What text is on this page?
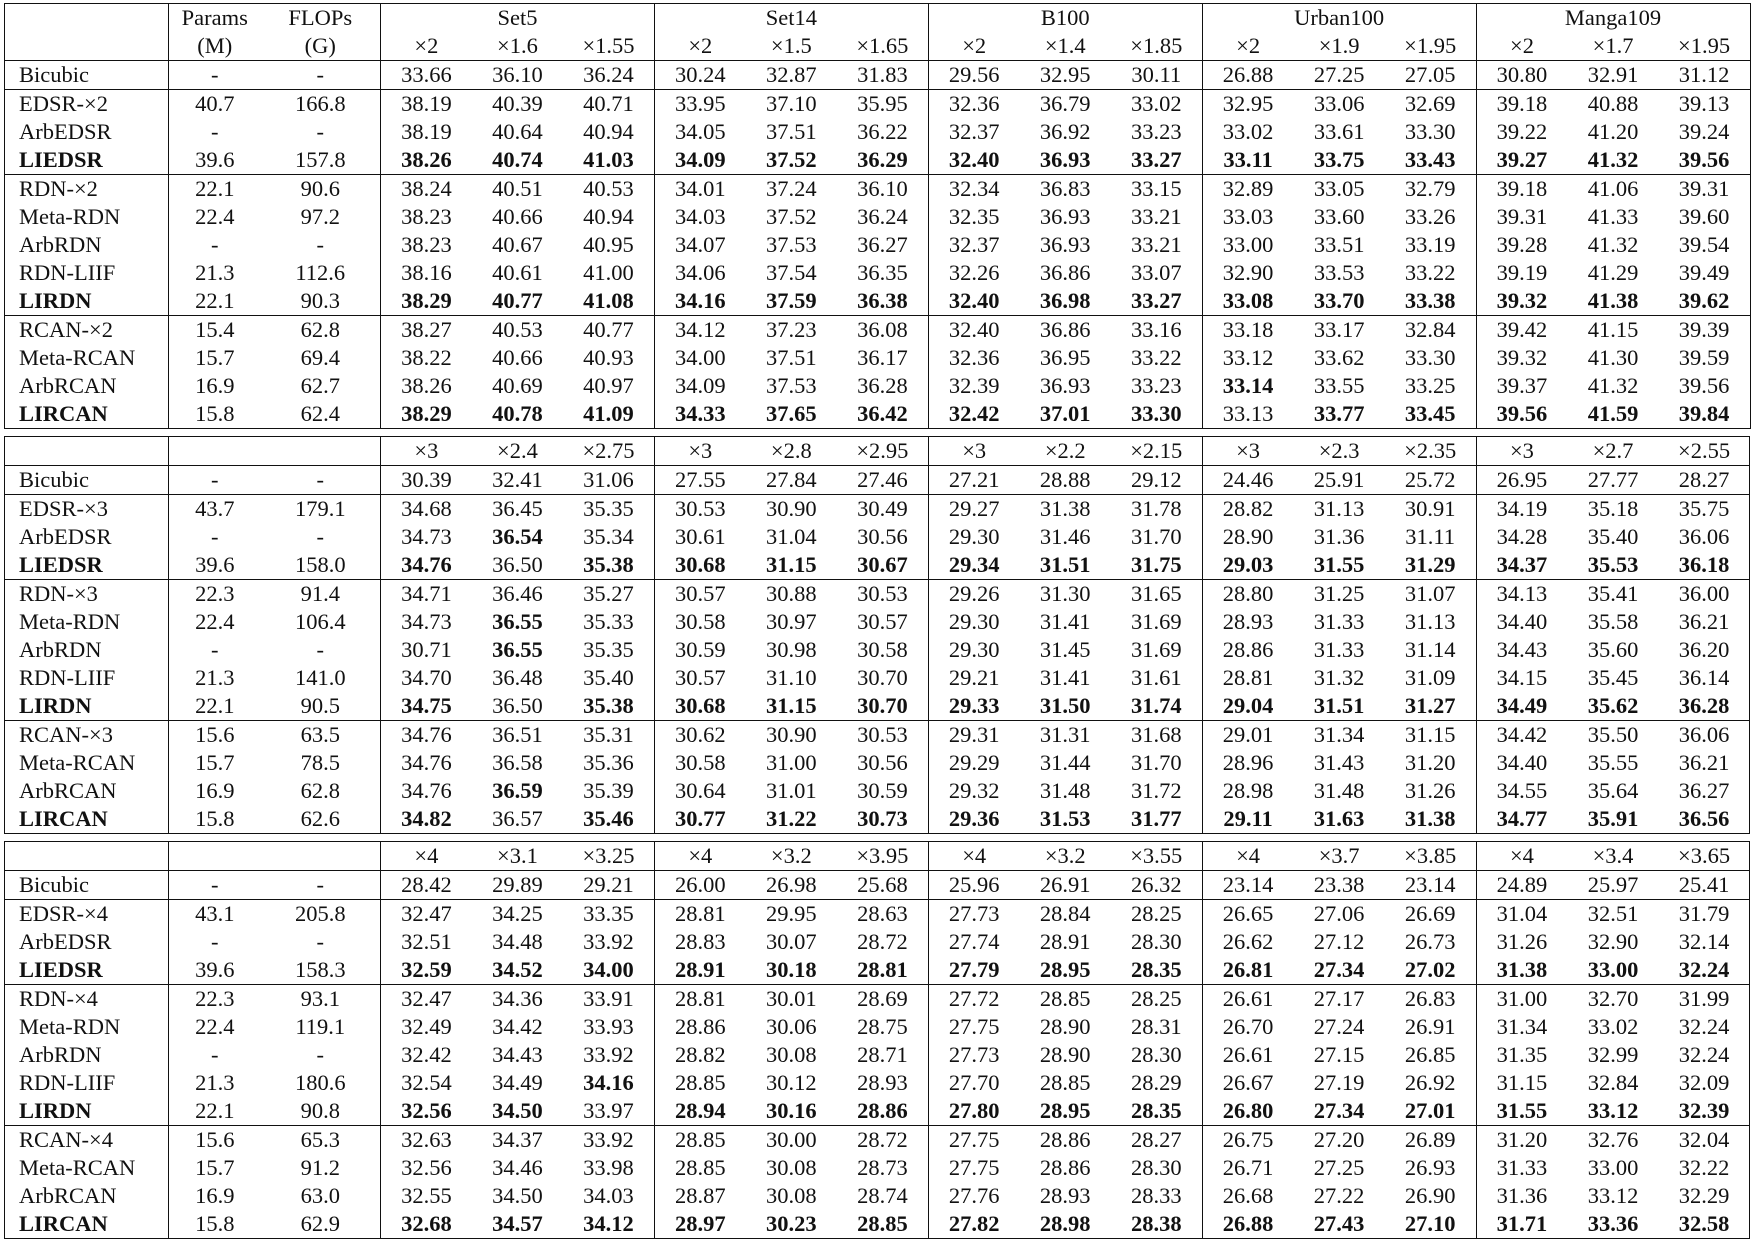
	Params	FLOPs	Set5			Set14			B100			Urban100			Manga109		
	(M)	(G)	×2	×1.6	×1.55	×2	×1.5	×1.65	×2	×1.4	×1.85	×2	×1.9	×1.95	×2	×1.7	×1.95
Bicubic	-	-	33.66	36.10	36.24	30.24	32.87	31.83	29.56	32.95	30.11	26.88	27.25	27.05	30.80	32.91	31.12
EDSR-×2	40.7	166.8	38.19	40.39	40.71	33.95	37.10	35.95	32.36	36.79	33.02	32.95	33.06	32.69	39.18	40.88	39.13
ArbEDSR	-	-	38.19	40.64	40.94	34.05	37.51	36.22	32.37	36.92	33.23	33.02	33.61	33.30	39.22	41.20	39.24
LIEDSR	39.6	157.8	38.26	40.74	41.03	34.09	37.52	36.29	32.40	36.93	33.27	33.11	33.75	33.43	39.27	41.32	39.56
RDN-×2	22.1	90.6	38.24	40.51	40.53	34.01	37.24	36.10	32.34	36.83	33.15	32.89	33.05	32.79	39.18	41.06	39.31
Meta-RDN	22.4	97.2	38.23	40.66	40.94	34.03	37.52	36.24	32.35	36.93	33.21	33.03	33.60	33.26	39.31	41.33	39.60
ArbRDN	-	-	38.23	40.67	40.95	34.07	37.53	36.27	32.37	36.93	33.21	33.00	33.51	33.19	39.28	41.32	39.54
RDN-LIIF	21.3	112.6	38.16	40.61	41.00	34.06	37.54	36.35	32.26	36.86	33.07	32.90	33.53	33.22	39.19	41.29	39.49
LIRDN	22.1	90.3	38.29	40.77	41.08	34.16	37.59	36.38	32.40	36.98	33.27	33.08	33.70	33.38	39.32	41.38	39.62
RCAN-×2	15.4	62.8	38.27	40.53	40.77	34.12	37.23	36.08	32.40	36.86	33.16	33.18	33.17	32.84	39.42	41.15	39.39
Meta-RCAN	15.7	69.4	38.22	40.66	40.93	34.00	37.51	36.17	32.36	36.95	33.22	33.12	33.62	33.30	39.32	41.30	39.59
ArbRCAN	16.9	62.7	38.26	40.69	40.97	34.09	37.53	36.28	32.39	36.93	33.23	33.14	33.55	33.25	39.37	41.32	39.56
LIRCAN	15.8	62.4	38.29	40.78	41.09	34.33	37.65	36.42	32.42	37.01	33.30	33.13	33.77	33.45	39.56	41.59	39.84
			×3	×2.4	×2.75	×3	×2.8	×2.95	×3	×2.2	×2.15	×3	×2.3	×2.35	×3	×2.7	×2.55
Bicubic	-	-	30.39	32.41	31.06	27.55	27.84	27.46	27.21	28.88	29.12	24.46	25.91	25.72	26.95	27.77	28.27
EDSR-×3	43.7	179.1	34.68	36.45	35.35	30.53	30.90	30.49	29.27	31.38	31.78	28.82	31.13	30.91	34.19	35.18	35.75
ArbEDSR	-	-	34.73	36.54	35.34	30.61	31.04	30.56	29.30	31.46	31.70	28.90	31.36	31.11	34.28	35.40	36.06
LIEDSR	39.6	158.0	34.76	36.50	35.38	30.68	31.15	30.67	29.34	31.51	31.75	29.03	31.55	31.29	34.37	35.53	36.18
RDN-×3	22.3	91.4	34.71	36.46	35.27	30.57	30.88	30.53	29.26	31.30	31.65	28.80	31.25	31.07	34.13	35.41	36.00
Meta-RDN	22.4	106.4	34.73	36.55	35.33	30.58	30.97	30.57	29.30	31.41	31.69	28.93	31.33	31.13	34.40	35.58	36.21
ArbRDN	-	-	30.71	36.55	35.35	30.59	30.98	30.58	29.30	31.45	31.69	28.86	31.33	31.14	34.43	35.60	36.20
RDN-LIIF	21.3	141.0	34.70	36.48	35.40	30.57	31.10	30.70	29.21	31.41	31.61	28.81	31.32	31.09	34.15	35.45	36.14
LIRDN	22.1	90.5	34.75	36.50	35.38	30.68	31.15	30.70	29.33	31.50	31.74	29.04	31.51	31.27	34.49	35.62	36.28
RCAN-×3	15.6	63.5	34.76	36.51	35.31	30.62	30.90	30.53	29.31	31.31	31.68	29.01	31.34	31.15	34.42	35.50	36.06
Meta-RCAN	15.7	78.5	34.76	36.58	35.36	30.58	31.00	30.56	29.29	31.44	31.70	28.96	31.43	31.20	34.40	35.55	36.21
ArbRCAN	16.9	62.8	34.76	36.59	35.39	30.64	31.01	30.59	29.32	31.48	31.72	28.98	31.48	31.26	34.55	35.64	36.27
LIRCAN	15.8	62.6	34.82	36.57	35.46	30.77	31.22	30.73	29.36	31.53	31.77	29.11	31.63	31.38	34.77	35.91	36.56
			×4	×3.1	×3.25	×4	×3.2	×3.95	×4	×3.2	×3.55	×4	×3.7	×3.85	×4	×3.4	×3.65
Bicubic	-	-	28.42	29.89	29.21	26.00	26.98	25.68	25.96	26.91	26.32	23.14	23.38	23.14	24.89	25.97	25.41
EDSR-×4	43.1	205.8	32.47	34.25	33.35	28.81	29.95	28.63	27.73	28.84	28.25	26.65	27.06	26.69	31.04	32.51	31.79
ArbEDSR	-	-	32.51	34.48	33.92	28.83	30.07	28.72	27.74	28.91	28.30	26.62	27.12	26.73	31.26	32.90	32.14
LIEDSR	39.6	158.3	32.59	34.52	34.00	28.91	30.18	28.81	27.79	28.95	28.35	26.81	27.34	27.02	31.38	33.00	32.24
RDN-×4	22.3	93.1	32.47	34.36	33.91	28.81	30.01	28.69	27.72	28.85	28.25	26.61	27.17	26.83	31.00	32.70	31.99
Meta-RDN	22.4	119.1	32.49	34.42	33.93	28.86	30.06	28.75	27.75	28.90	28.31	26.70	27.24	26.91	31.34	33.02	32.24
ArbRDN	-	-	32.42	34.43	33.92	28.82	30.08	28.71	27.73	28.90	28.30	26.61	27.15	26.85	31.35	32.99	32.24
RDN-LIIF	21.3	180.6	32.54	34.49	34.16	28.85	30.12	28.93	27.70	28.85	28.29	26.67	27.19	26.92	31.15	32.84	32.09
LIRDN	22.1	90.8	32.56	34.50	33.97	28.94	30.16	28.86	27.80	28.95	28.35	26.80	27.34	27.01	31.55	33.12	32.39
RCAN-×4	15.6	65.3	32.63	34.37	33.92	28.85	30.00	28.72	27.75	28.86	28.27	26.75	27.20	26.89	31.20	32.76	32.04
Meta-RCAN	15.7	91.2	32.56	34.46	33.98	28.85	30.08	28.73	27.75	28.86	28.30	26.71	27.25	26.93	31.33	33.00	32.22
ArbRCAN	16.9	63.0	32.55	34.50	34.03	28.87	30.08	28.74	27.76	28.93	28.33	26.68	27.22	26.90	31.36	33.12	32.29
LIRCAN	15.8	62.9	32.68	34.57	34.12	28.97	30.23	28.85	27.82	28.98	28.38	26.88	27.43	27.10	31.71	33.36	32.58
